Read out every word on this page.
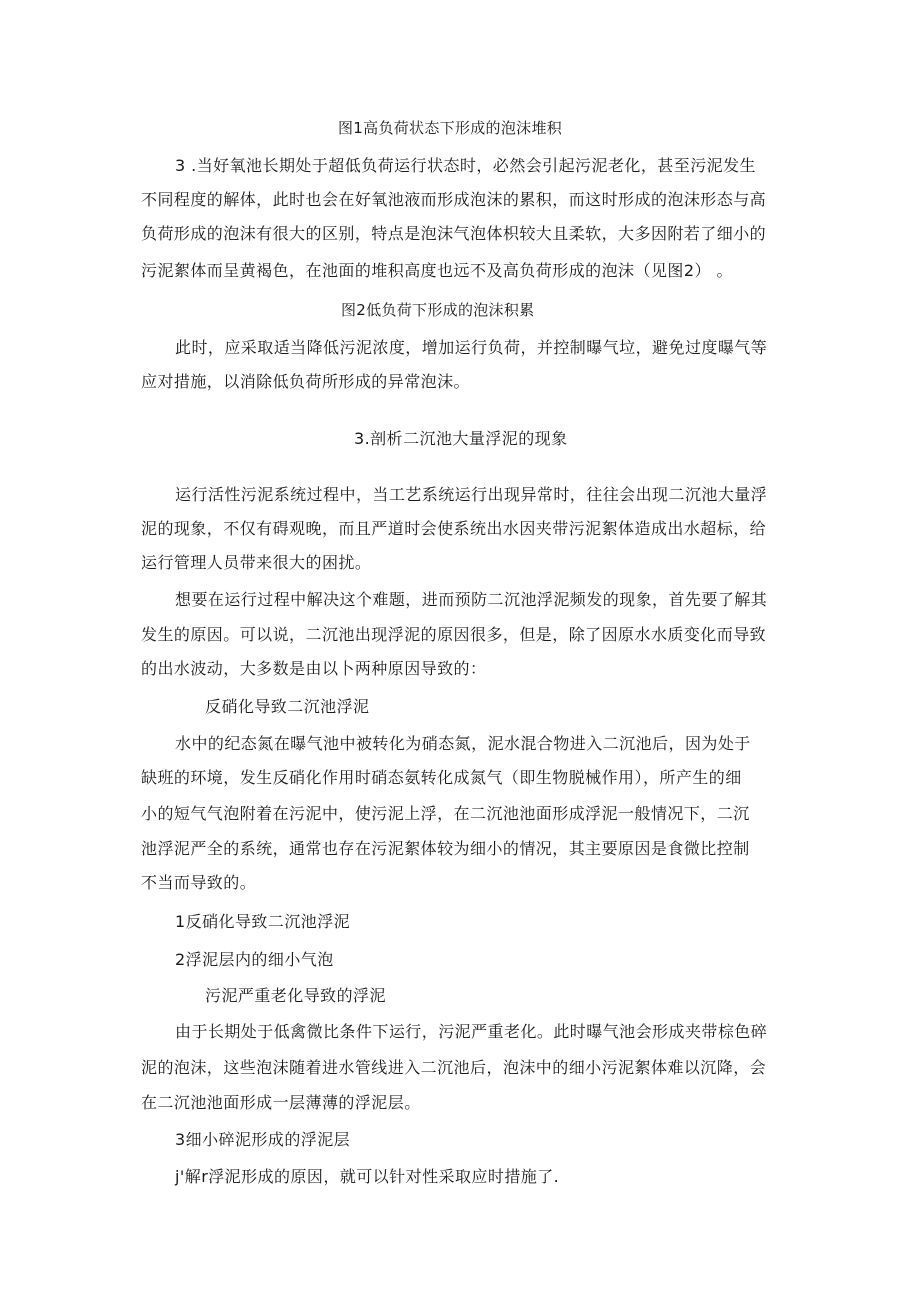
图1高负荷状态下形成的泡沫堆积
3 .当好氧池长期处于超低负荷运行状态时，必然会引起污泥老化，甚至污泥发生
不同程度的解体，此时也会在好氧池液而形成泡沫的累积，而这时形成的泡沫形态与高
负荷形成的泡沫有很大的区别，特点是泡沫气泡体枳较大且柔软，大多因附若了细小的
污泥絮体而呈黄褐色，在池面的堆积高度也远不及高负荷形成的泡沫（见图2） 。
图2低负荷下形成的泡沫积累
此时，应采取适当降低污泥浓度，增加运行负荷，并控制曝气垃，避免过度曝气等
应对措施，以消除低负荷所形成的异常泡沫。
3.剖析二沉池大量浮泥的现象
运行活性污泥系统过程中，当工艺系统运行出现异常时，往往会出现二沉池大量浮
泥的现象，不仅有碍观晚，而且严道时会使系统出水因夹带污泥絮体造成出水超标，给
运行管理人员带来很大的困扰。
想要在运行过程中解决这个难题，进而预防二沉池浮泥频发的现象，首先要了解其
发生的原因。可以说，二沉池出现浮泥的原因很多，但是，除了因原水水质变化而导致
的出水波动，大多数是由以卜两种原因导致的：
反硝化导致二沉池浮泥
水中的纪态氮在曝气池中被转化为硝态氮，泥水混合物进入二沉池后，因为处于
缺班的环境，发生反硝化作用时硝态氨转化成氮气（即生物脱械作用），所产生的细
小的短气气泡附着在污泥中，使污泥上浮，在二沉池池面形成浮泥一般情况下，二沉
池浮泥严全的系统，通常也存在污泥絮体较为细小的情况，其主要原因是食微比控制
不当而导致的。
1反硝化导致二沉池浮泥
2浮泥层内的细小气泡
污泥严重老化导致的浮泥
由于长期处于低禽微比条件下运行，污泥严重老化。此时曝气池会形成夹带棕色碎
泥的泡沫，这些泡沫随着进水管线进入二沉池后，泡沫中的细小污泥絮体难以沉降，会
在二沉池池面形成一层薄薄的浮泥层。
3细小碎泥形成的浮泥层
j'解r浮泥形成的原因，就可以针对性采取应时措施了.
